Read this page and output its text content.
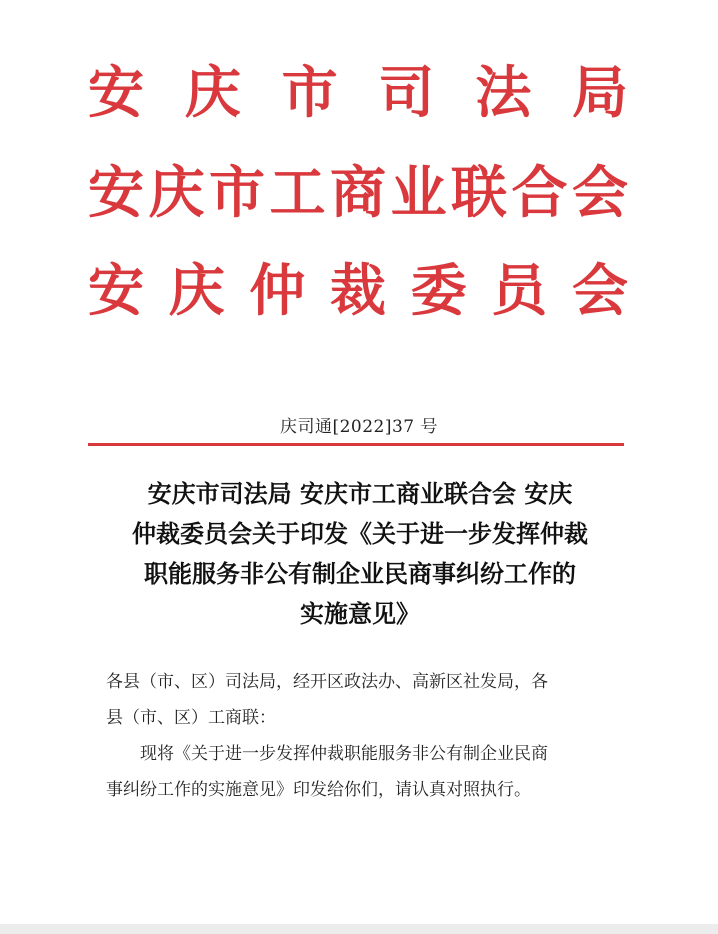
安 庆 市 司 法 局
安 庆 市 工 商 业 联 合 会
安 庆 仲 裁 委 员 会
庆司通[2022]37 号
安庆市司法局 安庆市工商业联合会 安庆
仲裁委员会关于印发《关于进一步发挥仲裁
职能服务非公有制企业民商事纠纷工作的
实施意见》
各县（市、区）司法局，经开区政法办、高新区社发局，各
县（市、区）工商联：
现将《关于进一步发挥仲裁职能服务非公有制企业民商
事纠纷工作的实施意见》印发给你们，请认真对照执行。
